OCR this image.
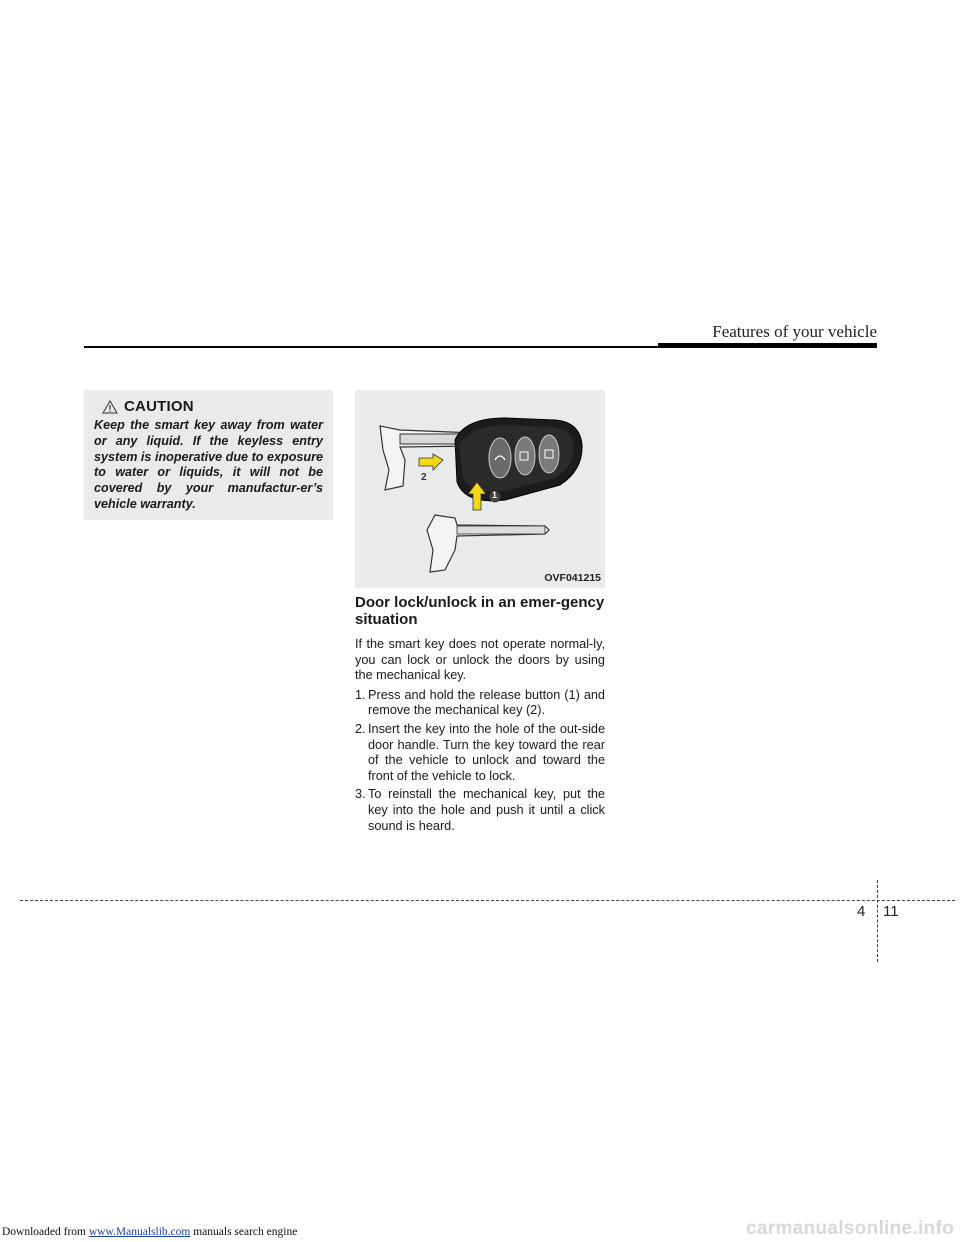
Features of your vehicle
CAUTION

Keep the smart key away from water or any liquid. If the keyless entry system is inoperative due to exposure to water or liquids, it will not be covered by your manufactur-er’s vehicle warranty.

2
1
OVF041215
Door lock/unlock in an emer-gency situation

If the smart key does not operate normal-ly, you can lock or unlock the doors by using the mechanical key.

1. Press and hold the release button (1) and remove the mechanical key (2).
2. Insert the key into the hole of the out-side door handle. Turn the key toward the rear of the vehicle to unlock and toward the front of the vehicle to lock.
3. To reinstall the mechanical key, put the key into the hole and push it until a click sound is heard.
4 11
Downloaded from www.Manualslib.com manuals search engine	carmanualsonline.info
